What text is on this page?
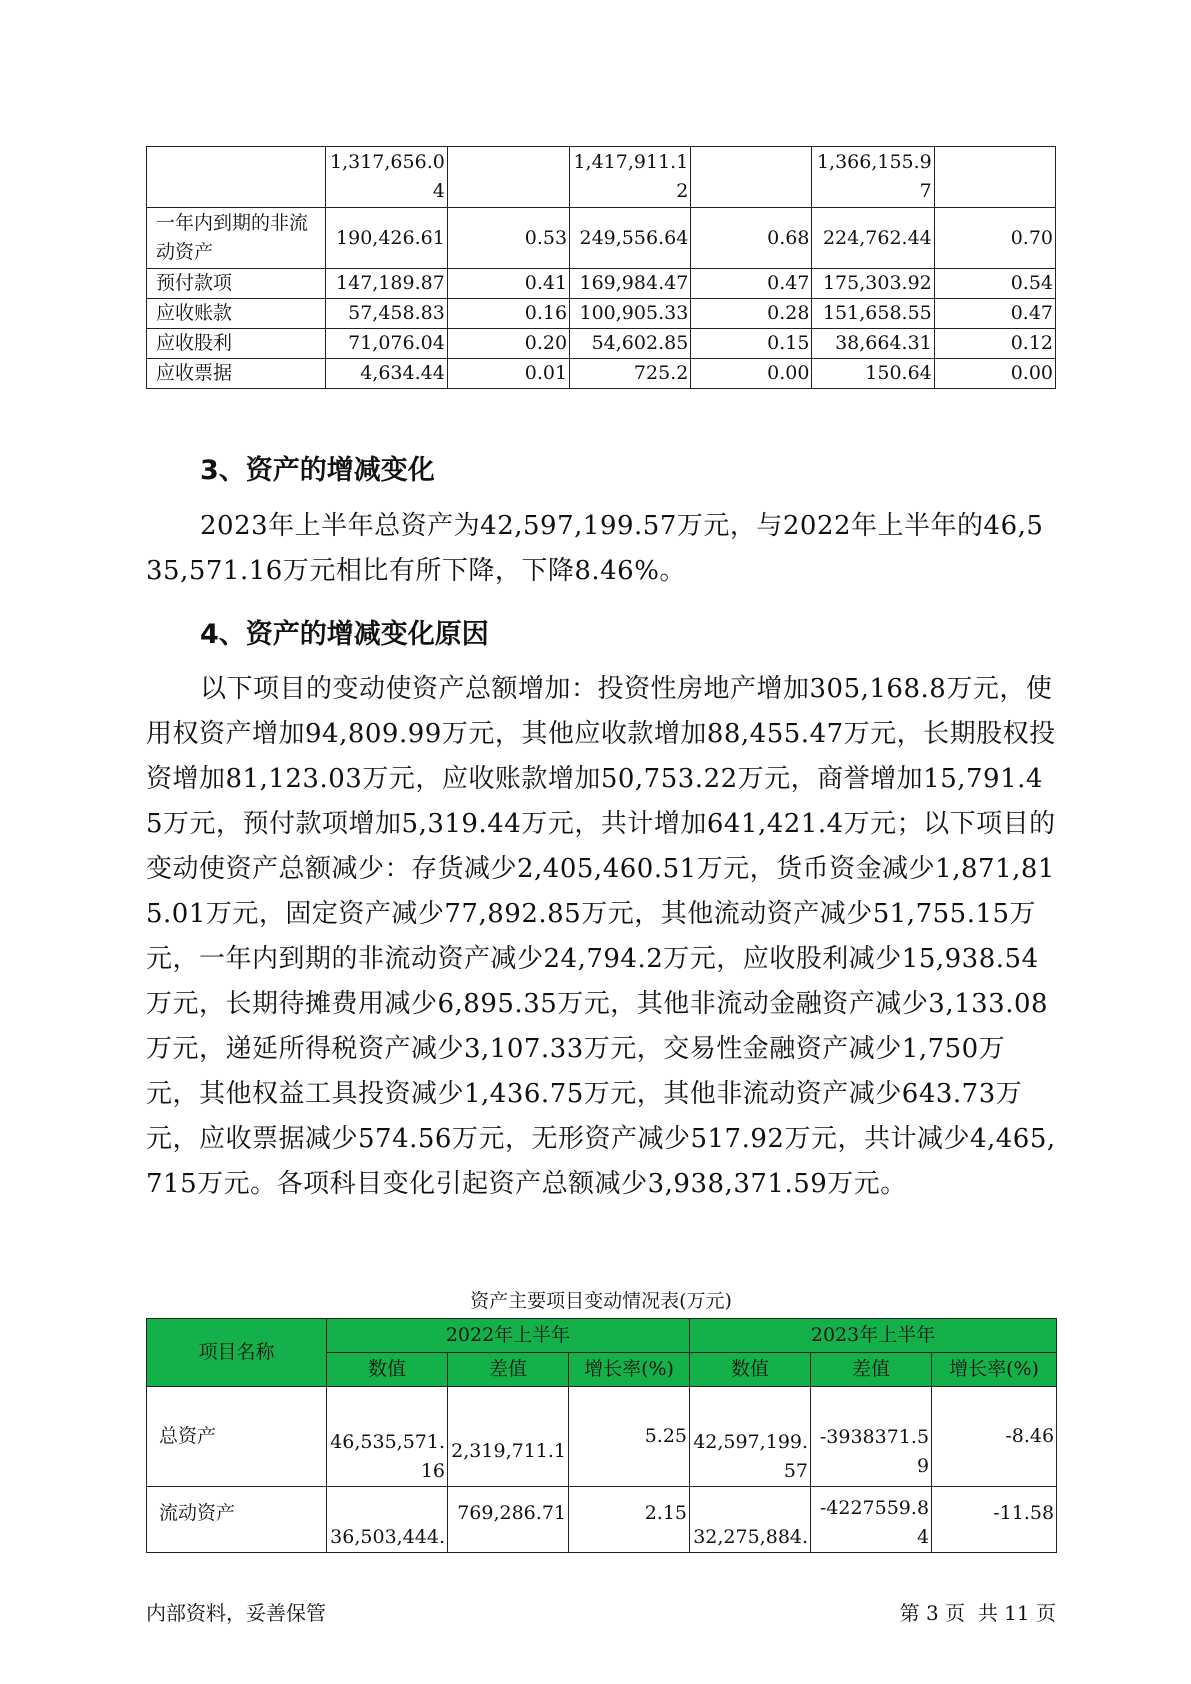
	1,317,656.04		1,417,911.12		1,366,155.97	
一年内到期的非流动资产	190,426.61	0.53	249,556.64	0.68	224,762.44	0.70
预付款项	147,189.87	0.41	169,984.47	0.47	175,303.92	0.54
应收账款	57,458.83	0.16	100,905.33	0.28	151,658.55	0.47
应收股利	71,076.04	0.20	54,602.85	0.15	38,664.31	0.12
应收票据	4,634.44	0.01	725.2	0.00	150.64	0.00
3、资产的增减变化

2023年上半年总资产为42,597,199.57万元，与2022年上半年的46,535,571.16万元相比有所下降，下降8.46%。

4、资产的增减变化原因

以下项目的变动使资产总额增加：投资性房地产增加305,168.8万元，使用权资产增加94,809.99万元，其他应收款增加88,455.47万元，长期股权投资增加81,123.03万元，应收账款增加50,753.22万元，商誉增加15,791.45万元，预付款项增加5,319.44万元，共计增加641,421.4万元；以下项目的变动使资产总额减少：存货减少2,405,460.51万元，货币资金减少1,871,815.01万元，固定资产减少77,892.85万元，其他流动资产减少51,755.15万元，一年内到期的非流动资产减少24,794.2万元，应收股利减少15,938.54万元，长期待摊费用减少6,895.35万元，其他非流动金融资产减少3,133.08万元，递延所得税资产减少3,107.33万元，交易性金融资产减少1,750万元，其他权益工具投资减少1,436.75万元，其他非流动资产减少643.73万元，应收票据减少574.56万元，无形资产减少517.92万元，共计减少4,465,715万元。各项科目变化引起资产总额减少3,938,371.59万元。

资产主要项目变动情况表(万元)
项目名称	2022年上半年			2023年上半年		
	数值	差值	增长率(%)	数值	差值	增长率(%)
总资产	46,535,571.16	2,319,711.1	5.25	42,597,199.57	-3938371.59	-8.46
流动资产	36,503,444.	769,286.71	2.15	32,275,884.	-4227559.84	-11.58
内部资料，妥善保管	第 3 页  共 11 页
